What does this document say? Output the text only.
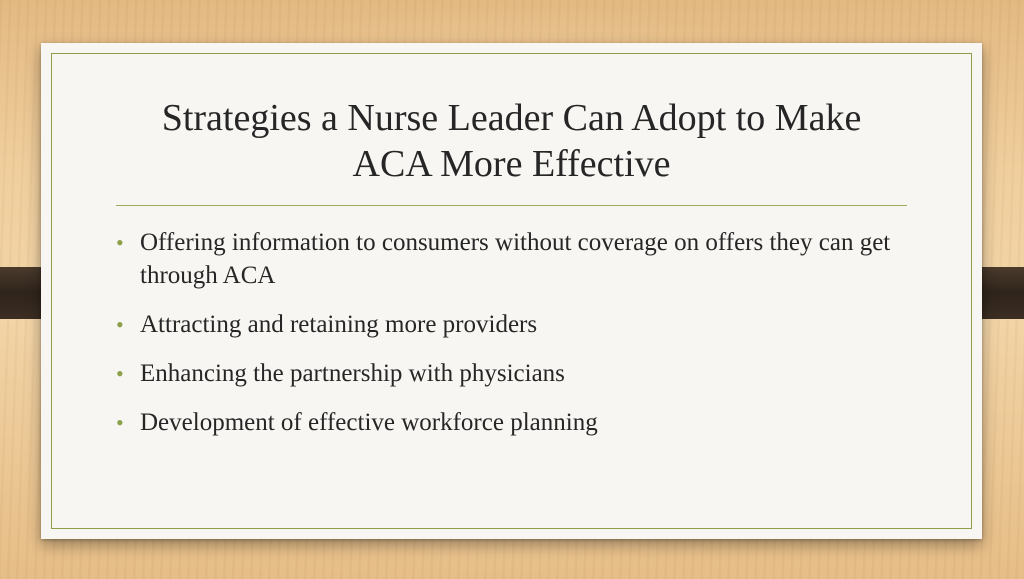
Strategies a Nurse Leader Can Adopt to Make
ACA More Effective
• Offering information to consumers without coverage on offers they can get through ACA
• Attracting and retaining more providers
• Enhancing the partnership with physicians
• Development of effective workforce planning
